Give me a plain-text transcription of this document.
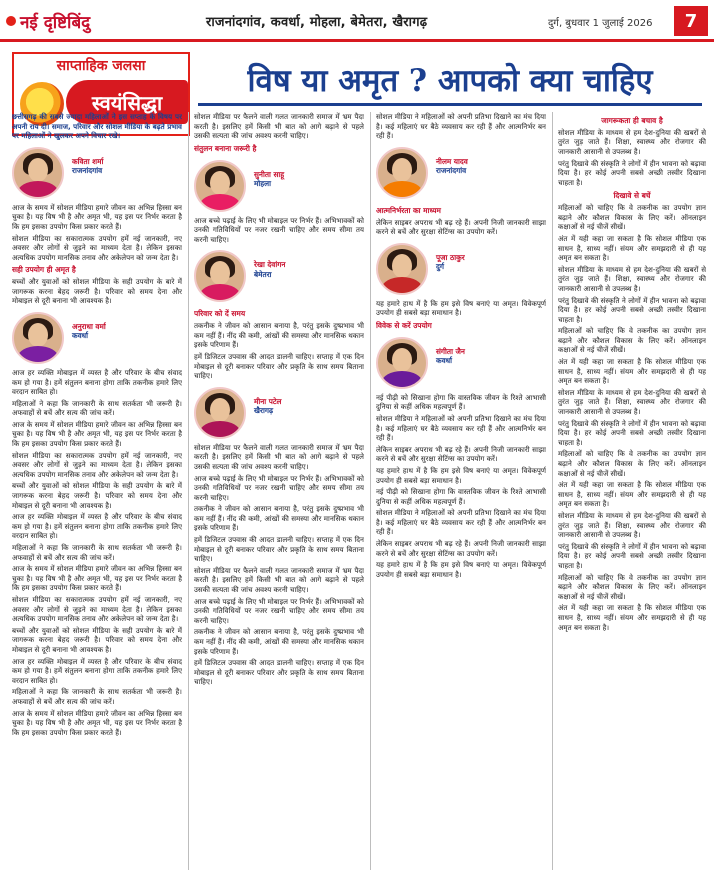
नई दृष्टिबिंदु	राजनांदगांव, कवर्धा, मोहला, बेमेतरा, खैरागढ़	दुर्ग, बुधवार 1 जुलाई 2026	7
साप्ताहिक जलसा
स्वयंसिद्धा
विष या अमृत ? आपको क्या चाहिए

छत्तीसगढ़ की सबसे ज्यादा महिलाओं ने इस सप्ताह के विषय पर अपनी राय दी। समाज, परिवार और सोशल मीडिया के बढ़ते प्रभाव पर महिलाओं ने खुलकर अपने विचार रखे।

कविता शर्मा
राजनांदगांव

आज के समय में सोशल मीडिया हमारे जीवन का अभिन्न हिस्सा बन चुका है। यह विष भी है और अमृत भी, यह इस पर निर्भर करता है कि हम इसका उपयोग किस प्रकार करते हैं।

सोशल मीडिया का सकारात्मक उपयोग हमें नई जानकारी, नए अवसर और लोगों से जुड़ने का माध्यम देता है। लेकिन इसका अत्यधिक उपयोग मानसिक तनाव और अकेलेपन को जन्म देता है।

सही उपयोग ही अमृत है

बच्चों और युवाओं को सोशल मीडिया के सही उपयोग के बारे में जागरूक करना बेहद जरूरी है। परिवार को समय देना और मोबाइल से दूरी बनाना भी आवश्यक है।

अनुराधा वर्मा
कवर्धा

आज हर व्यक्ति मोबाइल में व्यस्त है और परिवार के बीच संवाद कम हो गया है। हमें संतुलन बनाना होगा ताकि तकनीक हमारे लिए वरदान साबित हो।

महिलाओं ने कहा कि जानकारी के साथ सतर्कता भी जरूरी है। अफवाहों से बचें और सत्य की जांच करें।

आज के समय में सोशल मीडिया हमारे जीवन का अभिन्न हिस्सा बन चुका है। यह विष भी है और अमृत भी, यह इस पर निर्भर करता है कि हम इसका उपयोग किस प्रकार करते हैं।

सोशल मीडिया का सकारात्मक उपयोग हमें नई जानकारी, नए अवसर और लोगों से जुड़ने का माध्यम देता है। लेकिन इसका अत्यधिक उपयोग मानसिक तनाव और अकेलेपन को जन्म देता है।

बच्चों और युवाओं को सोशल मीडिया के सही उपयोग के बारे में जागरूक करना बेहद जरूरी है। परिवार को समय देना और मोबाइल से दूरी बनाना भी आवश्यक है।

आज हर व्यक्ति मोबाइल में व्यस्त है और परिवार के बीच संवाद कम हो गया है। हमें संतुलन बनाना होगा ताकि तकनीक हमारे लिए वरदान साबित हो।

महिलाओं ने कहा कि जानकारी के साथ सतर्कता भी जरूरी है। अफवाहों से बचें और सत्य की जांच करें।

आज के समय में सोशल मीडिया हमारे जीवन का अभिन्न हिस्सा बन चुका है। यह विष भी है और अमृत भी, यह इस पर निर्भर करता है कि हम इसका उपयोग किस प्रकार करते हैं।

सोशल मीडिया का सकारात्मक उपयोग हमें नई जानकारी, नए अवसर और लोगों से जुड़ने का माध्यम देता है। लेकिन इसका अत्यधिक उपयोग मानसिक तनाव और अकेलेपन को जन्म देता है।

बच्चों और युवाओं को सोशल मीडिया के सही उपयोग के बारे में जागरूक करना बेहद जरूरी है। परिवार को समय देना और मोबाइल से दूरी बनाना भी आवश्यक है।

आज हर व्यक्ति मोबाइल में व्यस्त है और परिवार के बीच संवाद कम हो गया है। हमें संतुलन बनाना होगा ताकि तकनीक हमारे लिए वरदान साबित हो।

महिलाओं ने कहा कि जानकारी के साथ सतर्कता भी जरूरी है। अफवाहों से बचें और सत्य की जांच करें।

आज के समय में सोशल मीडिया हमारे जीवन का अभिन्न हिस्सा बन चुका है। यह विष भी है और अमृत भी, यह इस पर निर्भर करता है कि हम इसका उपयोग किस प्रकार करते हैं।

सोशल मीडिया पर फैलने वाली गलत जानकारी समाज में भ्रम पैदा करती है। इसलिए हमें किसी भी बात को आगे बढ़ाने से पहले उसकी सत्यता की जांच अवश्य करनी चाहिए।

संतुलन बनाना जरूरी है
सुनीता साहू
मोहला

आज बच्चे पढ़ाई के लिए भी मोबाइल पर निर्भर हैं। अभिभावकों को उनकी गतिविधियों पर नजर रखनी चाहिए और समय सीमा तय करनी चाहिए।

रेखा देवांगन
बेमेतरा
परिवार को दें समय

तकनीक ने जीवन को आसान बनाया है, परंतु इसके दुष्प्रभाव भी कम नहीं हैं। नींद की कमी, आंखों की समस्या और मानसिक थकान इसके परिणाम हैं।

हमें डिजिटल उपवास की आदत डालनी चाहिए। सप्ताह में एक दिन मोबाइल से दूरी बनाकर परिवार और प्रकृति के साथ समय बिताना चाहिए।

मीना पटेल
खैरागढ़

सोशल मीडिया पर फैलने वाली गलत जानकारी समाज में भ्रम पैदा करती है। इसलिए हमें किसी भी बात को आगे बढ़ाने से पहले उसकी सत्यता की जांच अवश्य करनी चाहिए।

आज बच्चे पढ़ाई के लिए भी मोबाइल पर निर्भर हैं। अभिभावकों को उनकी गतिविधियों पर नजर रखनी चाहिए और समय सीमा तय करनी चाहिए।

तकनीक ने जीवन को आसान बनाया है, परंतु इसके दुष्प्रभाव भी कम नहीं हैं। नींद की कमी, आंखों की समस्या और मानसिक थकान इसके परिणाम हैं।

हमें डिजिटल उपवास की आदत डालनी चाहिए। सप्ताह में एक दिन मोबाइल से दूरी बनाकर परिवार और प्रकृति के साथ समय बिताना चाहिए।

सोशल मीडिया पर फैलने वाली गलत जानकारी समाज में भ्रम पैदा करती है। इसलिए हमें किसी भी बात को आगे बढ़ाने से पहले उसकी सत्यता की जांच अवश्य करनी चाहिए।

आज बच्चे पढ़ाई के लिए भी मोबाइल पर निर्भर हैं। अभिभावकों को उनकी गतिविधियों पर नजर रखनी चाहिए और समय सीमा तय करनी चाहिए।

तकनीक ने जीवन को आसान बनाया है, परंतु इसके दुष्प्रभाव भी कम नहीं हैं। नींद की कमी, आंखों की समस्या और मानसिक थकान इसके परिणाम हैं।

हमें डिजिटल उपवास की आदत डालनी चाहिए। सप्ताह में एक दिन मोबाइल से दूरी बनाकर परिवार और प्रकृति के साथ समय बिताना चाहिए।

सोशल मीडिया ने महिलाओं को अपनी प्रतिभा दिखाने का मंच दिया है। कई महिलाएं घर बैठे व्यवसाय कर रही हैं और आत्मनिर्भर बन रही हैं।

नीलम यादव
राजनांदगांव
आत्मनिर्भरता का माध्यम

लेकिन साइबर अपराध भी बढ़ रहे हैं। अपनी निजी जानकारी साझा करने से बचें और सुरक्षा सेटिंग्स का उपयोग करें।

पूजा ठाकुर
दुर्ग

यह हमारे हाथ में है कि हम इसे विष बनाएं या अमृत। विवेकपूर्ण उपयोग ही सबसे बड़ा समाधान है।

विवेक से करें उपयोग
संगीता जैन
कवर्धा

नई पीढ़ी को सिखाना होगा कि वास्तविक जीवन के रिश्ते आभासी दुनिया से कहीं अधिक महत्वपूर्ण हैं।

सोशल मीडिया ने महिलाओं को अपनी प्रतिभा दिखाने का मंच दिया है। कई महिलाएं घर बैठे व्यवसाय कर रही हैं और आत्मनिर्भर बन रही हैं।

लेकिन साइबर अपराध भी बढ़ रहे हैं। अपनी निजी जानकारी साझा करने से बचें और सुरक्षा सेटिंग्स का उपयोग करें।

यह हमारे हाथ में है कि हम इसे विष बनाएं या अमृत। विवेकपूर्ण उपयोग ही सबसे बड़ा समाधान है।

नई पीढ़ी को सिखाना होगा कि वास्तविक जीवन के रिश्ते आभासी दुनिया से कहीं अधिक महत्वपूर्ण हैं।

सोशल मीडिया ने महिलाओं को अपनी प्रतिभा दिखाने का मंच दिया है। कई महिलाएं घर बैठे व्यवसाय कर रही हैं और आत्मनिर्भर बन रही हैं।

लेकिन साइबर अपराध भी बढ़ रहे हैं। अपनी निजी जानकारी साझा करने से बचें और सुरक्षा सेटिंग्स का उपयोग करें।

यह हमारे हाथ में है कि हम इसे विष बनाएं या अमृत। विवेकपूर्ण उपयोग ही सबसे बड़ा समाधान है।

जागरूकता ही बचाव है

सोशल मीडिया के माध्यम से हम देश-दुनिया की खबरों से तुरंत जुड़ जाते हैं। शिक्षा, स्वास्थ्य और रोजगार की जानकारी आसानी से उपलब्ध है।

परंतु दिखावे की संस्कृति ने लोगों में हीन भावना को बढ़ावा दिया है। हर कोई अपनी सबसे अच्छी तस्वीर दिखाना चाहता है।

दिखावे से बचें

महिलाओं को चाहिए कि वे तकनीक का उपयोग ज्ञान बढ़ाने और कौशल विकास के लिए करें। ऑनलाइन कक्षाओं से नई चीजें सीखें।

अंत में यही कहा जा सकता है कि सोशल मीडिया एक साधन है, साध्य नहीं। संयम और समझदारी से ही यह अमृत बन सकता है।

सोशल मीडिया के माध्यम से हम देश-दुनिया की खबरों से तुरंत जुड़ जाते हैं। शिक्षा, स्वास्थ्य और रोजगार की जानकारी आसानी से उपलब्ध है।

परंतु दिखावे की संस्कृति ने लोगों में हीन भावना को बढ़ावा दिया है। हर कोई अपनी सबसे अच्छी तस्वीर दिखाना चाहता है।

महिलाओं को चाहिए कि वे तकनीक का उपयोग ज्ञान बढ़ाने और कौशल विकास के लिए करें। ऑनलाइन कक्षाओं से नई चीजें सीखें।

अंत में यही कहा जा सकता है कि सोशल मीडिया एक साधन है, साध्य नहीं। संयम और समझदारी से ही यह अमृत बन सकता है।

सोशल मीडिया के माध्यम से हम देश-दुनिया की खबरों से तुरंत जुड़ जाते हैं। शिक्षा, स्वास्थ्य और रोजगार की जानकारी आसानी से उपलब्ध है।

परंतु दिखावे की संस्कृति ने लोगों में हीन भावना को बढ़ावा दिया है। हर कोई अपनी सबसे अच्छी तस्वीर दिखाना चाहता है।

महिलाओं को चाहिए कि वे तकनीक का उपयोग ज्ञान बढ़ाने और कौशल विकास के लिए करें। ऑनलाइन कक्षाओं से नई चीजें सीखें।

अंत में यही कहा जा सकता है कि सोशल मीडिया एक साधन है, साध्य नहीं। संयम और समझदारी से ही यह अमृत बन सकता है।

सोशल मीडिया के माध्यम से हम देश-दुनिया की खबरों से तुरंत जुड़ जाते हैं। शिक्षा, स्वास्थ्य और रोजगार की जानकारी आसानी से उपलब्ध है।

परंतु दिखावे की संस्कृति ने लोगों में हीन भावना को बढ़ावा दिया है। हर कोई अपनी सबसे अच्छी तस्वीर दिखाना चाहता है।

महिलाओं को चाहिए कि वे तकनीक का उपयोग ज्ञान बढ़ाने और कौशल विकास के लिए करें। ऑनलाइन कक्षाओं से नई चीजें सीखें।

अंत में यही कहा जा सकता है कि सोशल मीडिया एक साधन है, साध्य नहीं। संयम और समझदारी से ही यह अमृत बन सकता है।
